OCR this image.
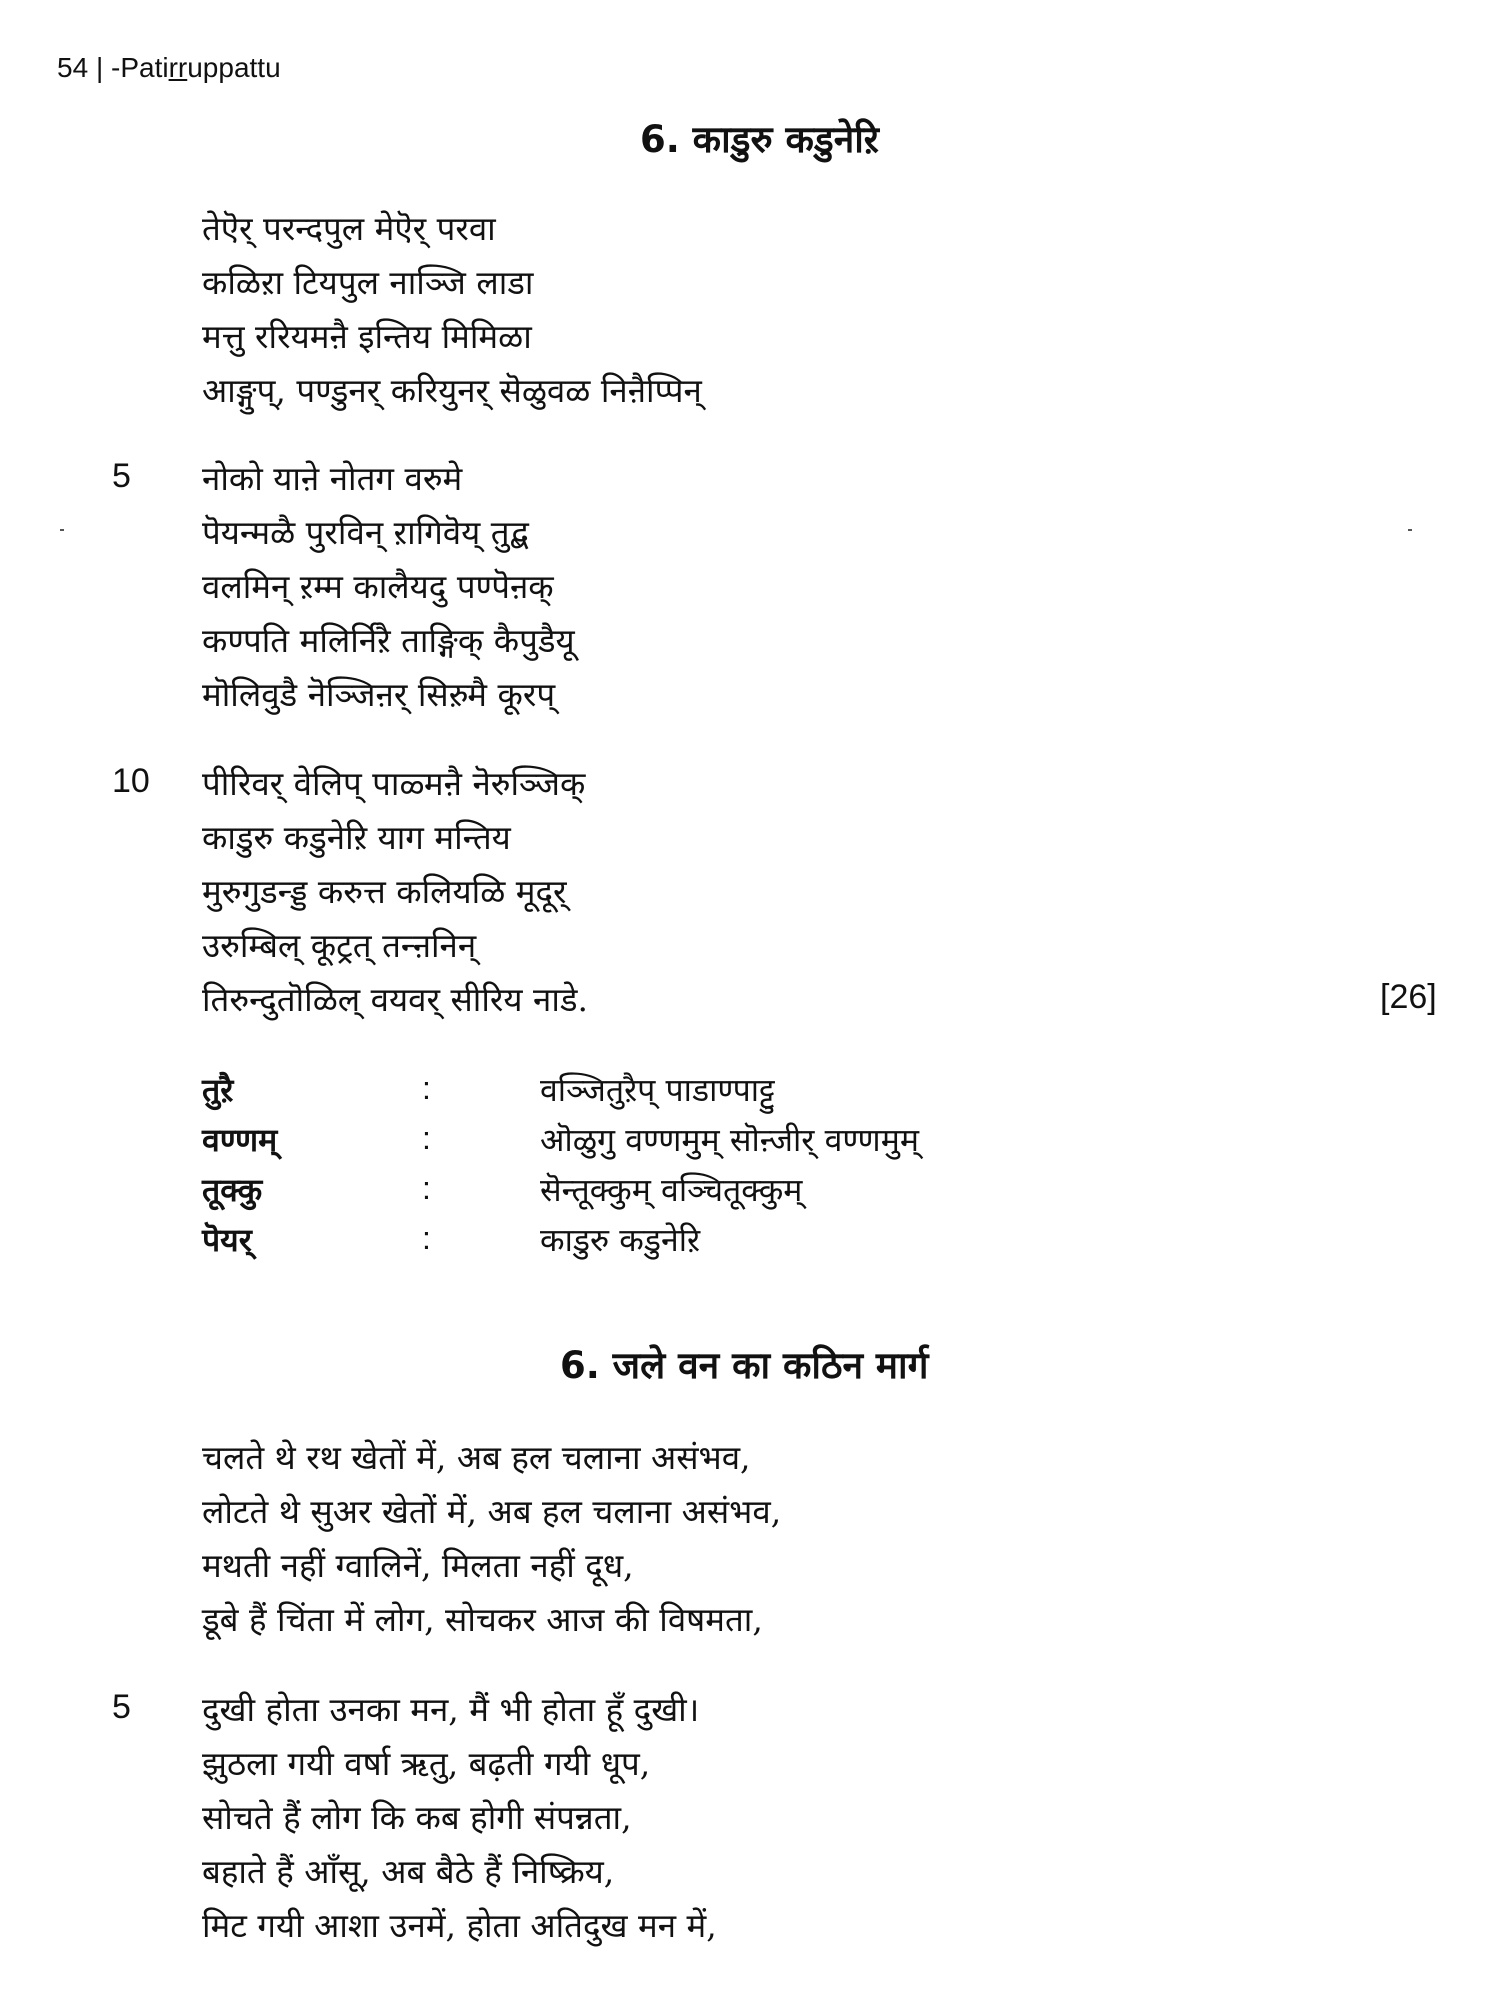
54 | -Patirruppattu
6. काडुरु कडुनेऱि
तेऎर् परन्दपुल मेऎर् परवा
कळिऱा टियपुल नाञ्जि लाडा
मत्तु ररियमऩै इन्तिय मिमिळा
आङ्गुप्, पण्डुनर् करियुनर् सॆळुवळ निऩैप्पिन्
5 नोको याऩे नोतग वरुमे
पॆयन्मळै पुरविन् ऱागिवॆय् तुद्ब
वलमिन् ऱम्म कालैयदु पण्पॆऩक्
कण्पति मलिर्निऱै ताङ्गिक् कैपुडैयू
मॊलिवुडै नॆञ्जिऩर् सिऱुमै कूरप्
10 पीरिवर् वेलिप् पाळ्मऩै नॆरुञ्जिक्
काडुरु कडुनेऱि याग मन्तिय
मुरुगुडन्ड्ड करुत्त कलियळि मूदूर्
उरुम्बिल् कूट्रत् तन्ऩनिन्
तिरुन्दुतॊळिल् वयवर् सीरिय नाडे.	[26]
तुऱै	:	वञ्जितुऱैप् पाडाण्पाट्टु
वण्णम्	:	ऒळुगु वण्णमुम् सॊऩ्जीर् वण्णमुम्
तूक्कु	:	सॆन्तूक्कुम् वञ्चितूक्कुम्
पॆयर्	:	काडुरु कडुनेऱि
6. जले वन का कठिन मार्ग
चलते थे रथ खेतों में, अब हल चलाना असंभव,
लोटते थे सुअर खेतों में, अब हल चलाना असंभव,
मथती नहीं ग्वालिनें, मिलता नहीं दूध,
डूबे हैं चिंता में लोग, सोचकर आज की विषमता,
5 दुखी होता उनका मन, मैं भी होता हूँ दुखी।
झुठला गयी वर्षा ऋतु, बढ़ती गयी धूप,
सोचते हैं लोग कि कब होगी संपन्नता,
बहाते हैं आँसू, अब बैठे हैं निष्क्रिय,
मिट गयी आशा उनमें, होता अतिदुख मन में,
